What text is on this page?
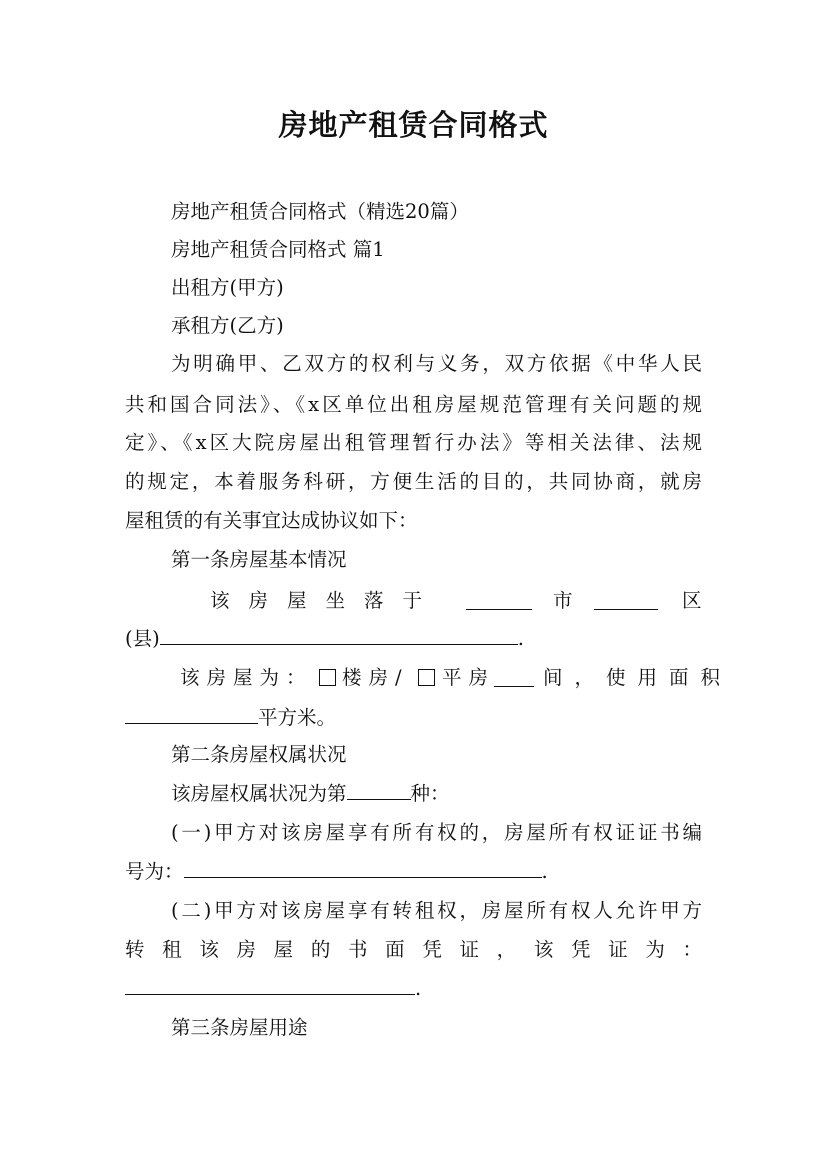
房地产租赁合同格式
房地产租赁合同格式（精选20篇）
房地产租赁合同格式 篇1
出租方(甲方)
承租方(乙方)
为明确甲、乙双方的权利与义务，双方依据《中华人民
共和国合同法》、《x区单位出租房屋规范管理有关问题的规
定》、《x区大院房屋出租管理暂行办法》等相关法律、法规
的规定，本着服务科研，方便生活的目的，共同协商，就房
屋租赁的有关事宜达成协议如下：
第一条房屋基本情况
该房屋坐落于	市	区
(县)	.
该房屋为： 楼房/ 平房 间，使用面积
平方米。
第二条房屋权属状况
该房屋权属状况为第	种：
(一)甲方对该房屋享有所有权的，房屋所有权证证书编
号为：	.
(二)甲方对该房屋享有转租权，房屋所有权人允许甲方
转租该房屋的书面凭证，该凭证为：
.
第三条房屋用途
